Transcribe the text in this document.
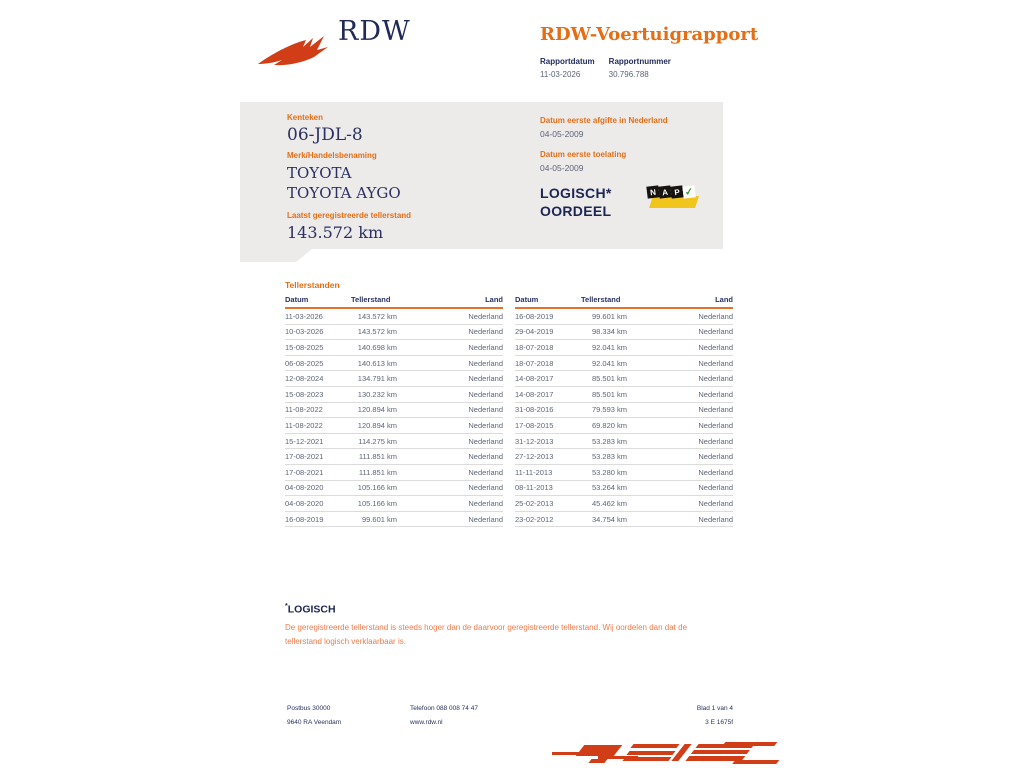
RDW	RDW-Voertuigrapport
Rapportdatum
11-03-2026
Rapportnummer
30.796.788
Kenteken
06-JDL-8
Merk/Handelsbenaming
TOYOTA TOYOTA AYGO
Laatst geregistreerde tellerstand
143.572 km
Datum eerste afgifte in Nederland
04-05-2009
Datum eerste toelating
04-05-2009
LOGISCH*
OORDEEL
N A P ✓
Tellerstanden
Datum	Tellerstand	Land
11-03-2026	143.572 km	Nederland
10-03-2026	143.572 km	Nederland
15-08-2025	140.698 km	Nederland
06-08-2025	140.613 km	Nederland
12-08-2024	134.791 km	Nederland
15-08-2023	130.232 km	Nederland
11-08-2022	120.894 km	Nederland
11-08-2022	120.894 km	Nederland
15-12-2021	114.275 km	Nederland
17-08-2021	111.851 km	Nederland
17-08-2021	111.851 km	Nederland
04-08-2020	105.166 km	Nederland
04-08-2020	105.166 km	Nederland
16-08-2019	99.601 km	Nederland
Datum	Tellerstand	Land
16-08-2019	99.601 km	Nederland
29-04-2019	98.334 km	Nederland
18-07-2018	92.041 km	Nederland
18-07-2018	92.041 km	Nederland
14-08-2017	85.501 km	Nederland
14-08-2017	85.501 km	Nederland
31-08-2016	79.593 km	Nederland
17-08-2015	69.820 km	Nederland
31-12-2013	53.283 km	Nederland
27-12-2013	53.283 km	Nederland
11-11-2013	53.280 km	Nederland
08-11-2013	53.264 km	Nederland
25-02-2013	45.462 km	Nederland
23-02-2012	34.754 km	Nederland
*LOGISCH
De geregistreerde tellerstand is steeds hoger dan de daarvoor geregistreerde tellerstand. Wij oordelen dan dat de tellerstand logisch verklaarbaar is.
Postbus 30000
9640 RA Veendam
Telefoon 088 008 74 47
www.rdw.nl
Blad 1 van 4
3 E 1675f
